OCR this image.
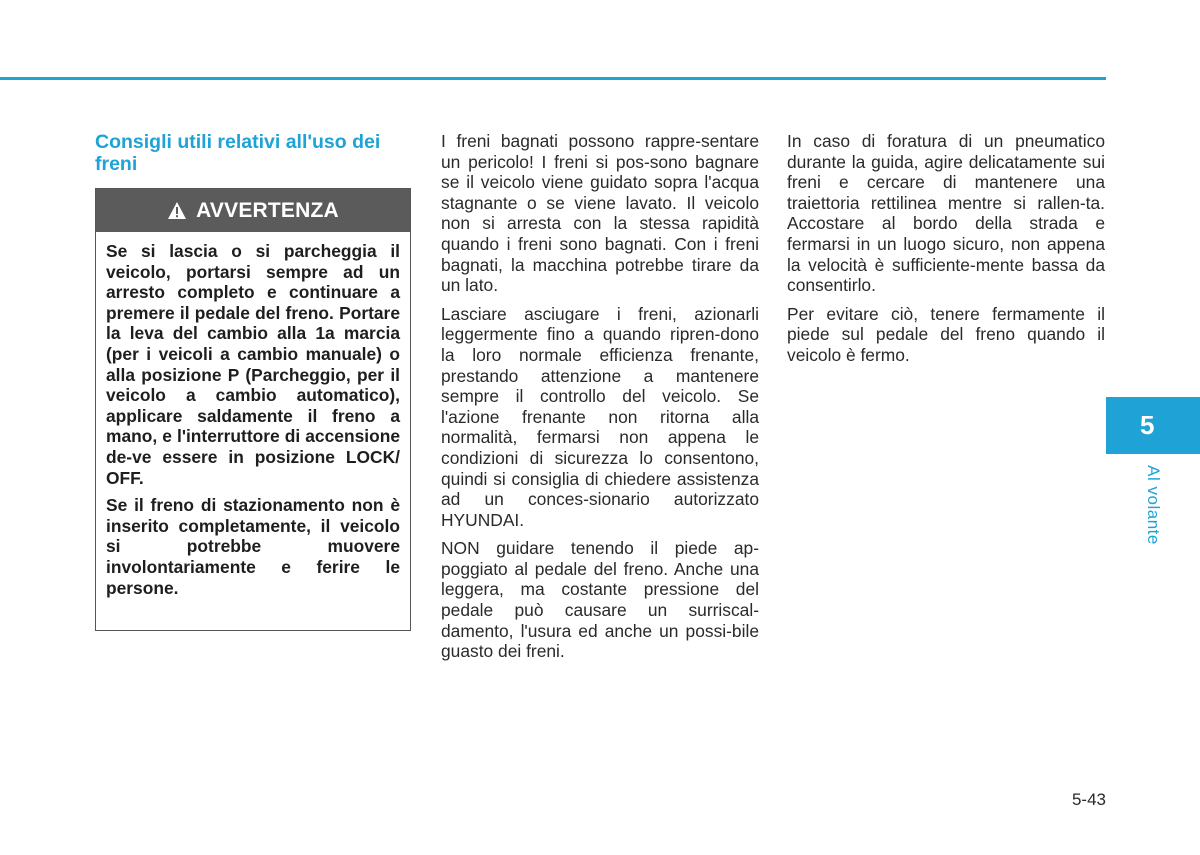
Consigli utili relativi all'uso dei freni
AVVERTENZA

Se si lascia o si parcheggia il veicolo, portarsi sempre ad un arresto completo e continuare a premere il pedale del freno. Portare la leva del cambio alla 1a marcia (per i veicoli a cambio manuale) o alla posizione P (Parcheggio, per il veicolo a cambio automatico), applicare saldamente il freno a mano, e l'interruttore di accensione de-ve essere in posizione LOCK/ OFF.

Se il freno di stazionamento non è inserito completamente, il veicolo si potrebbe muovere involontariamente e ferire le persone.

I freni bagnati possono rappre-sentare un pericolo! I freni si pos-sono bagnare se il veicolo viene guidato sopra l'acqua stagnante o se viene lavato. Il veicolo non si arresta con la stessa rapidità quando i freni sono bagnati. Con i freni bagnati, la macchina potrebbe tirare da un lato.

Lasciare asciugare i freni, azionarli leggermente fino a quando ripren-dono la loro normale efficienza frenante, prestando attenzione a mantenere sempre il controllo del veicolo. Se l'azione frenante non ritorna alla normalità, fermarsi non appena le condizioni di sicurezza lo consentono, quindi si consiglia di chiedere assistenza ad un conces-sionario autorizzato HYUNDAI.

NON guidare tenendo il piede ap-poggiato al pedale del freno. Anche una leggera, ma costante pressione del pedale può causare un surriscal-damento, l'usura ed anche un possi-bile guasto dei freni.

In caso di foratura di un pneumatico durante la guida, agire delicatamente sui freni e cercare di mantenere una traiettoria rettilinea mentre si rallen-ta. Accostare al bordo della strada e fermarsi in un luogo sicuro, non appena la velocità è sufficiente-mente bassa da consentirlo.

Per evitare ciò, tenere fermamente il piede sul pedale del freno quando il veicolo è fermo.

5
Al volante
5-43
